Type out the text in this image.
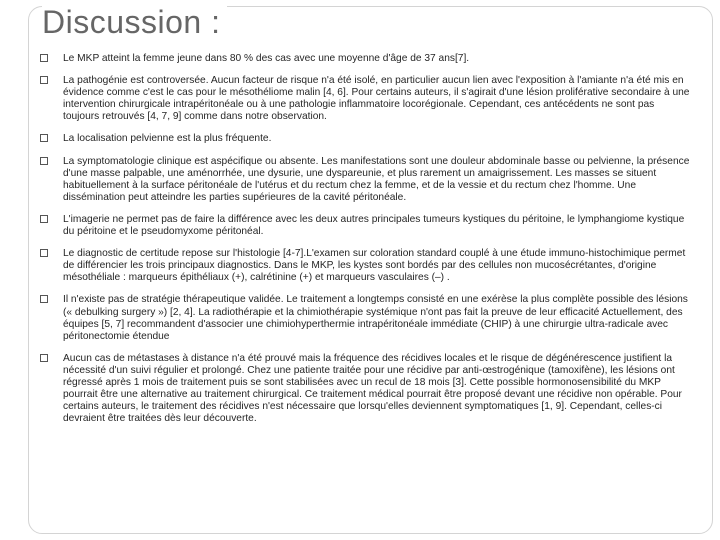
Discussion :
Le MKP atteint la femme jeune dans 80 % des cas avec une moyenne d'âge de 37 ans[7].
La pathogénie est controversée. Aucun facteur de risque n'a été isolé, en particulier aucun lien avec l'exposition à l'amiante n'a été mis en évidence comme c'est le cas pour le mésothéliome malin [4, 6]. Pour certains auteurs, il s'agirait d'une lésion proliférative secondaire à une intervention chirurgicale intrapéritonéale ou à une pathologie inflammatoire locorégionale. Cependant, ces antécédents ne sont pas toujours retrouvés [4, 7, 9] comme dans notre observation.
La localisation pelvienne est la plus fréquente.
La symptomatologie clinique est aspécifique ou absente. Les manifestations sont une douleur abdominale basse ou pelvienne, la présence d'une masse palpable, une aménorrhée, une dysurie, une dyspareunie, et plus rarement un amaigrissement. Les masses se situent habituellement à la surface péritonéale de l'utérus et du rectum chez la femme, et de la vessie et du rectum chez l'homme. Une dissémination peut atteindre les parties supérieures de la cavité péritonéale.
L'imagerie ne permet pas de faire la différence avec les deux autres principales tumeurs kystiques du péritoine, le lymphangiome kystique du péritoine et le pseudomyxome péritonéal.
Le diagnostic de certitude repose sur l'histologie [4-7].L'examen sur coloration standard couplé à une étude immuno-histochimique permet de différencier les trois principaux diagnostics. Dans le MKP, les kystes sont bordés par des cellules non mucosécrétantes, d'origine mésothéliale : marqueurs épithéliaux (+), calrétinine (+) et marqueurs vasculaires (–) .
Il n'existe pas de stratégie thérapeutique validée. Le traitement a longtemps consisté en une exérèse la plus complète possible des lésions (« debulking surgery ») [2, 4]. La radiothérapie et la chimiothérapie systémique n'ont pas fait la preuve de leur efficacité Actuellement, des équipes [5, 7] recommandent d'associer une chimiohyperthermie intrapéritonéale immédiate (CHIP) à une chirurgie ultra-radicale avec péritonectomie étendue
Aucun cas de métastases à distance n'a été prouvé mais la fréquence des récidives locales et le risque de dégénérescence justifient la nécessité d'un suivi régulier et prolongé. Chez une patiente traitée pour une récidive par anti-œstrogénique (tamoxifène), les lésions ont régressé après 1 mois de traitement puis se sont stabilisées avec un recul de 18 mois [3]. Cette possible hormonosensibilité du MKP pourrait être une alternative au traitement chirurgical. Ce traitement médical pourrait être proposé devant une récidive non opérable. Pour certains auteurs, le traitement des récidives n'est nécessaire que lorsqu'elles deviennent symptomatiques [1, 9]. Cependant, celles-ci devraient être traitées dès leur découverte.
